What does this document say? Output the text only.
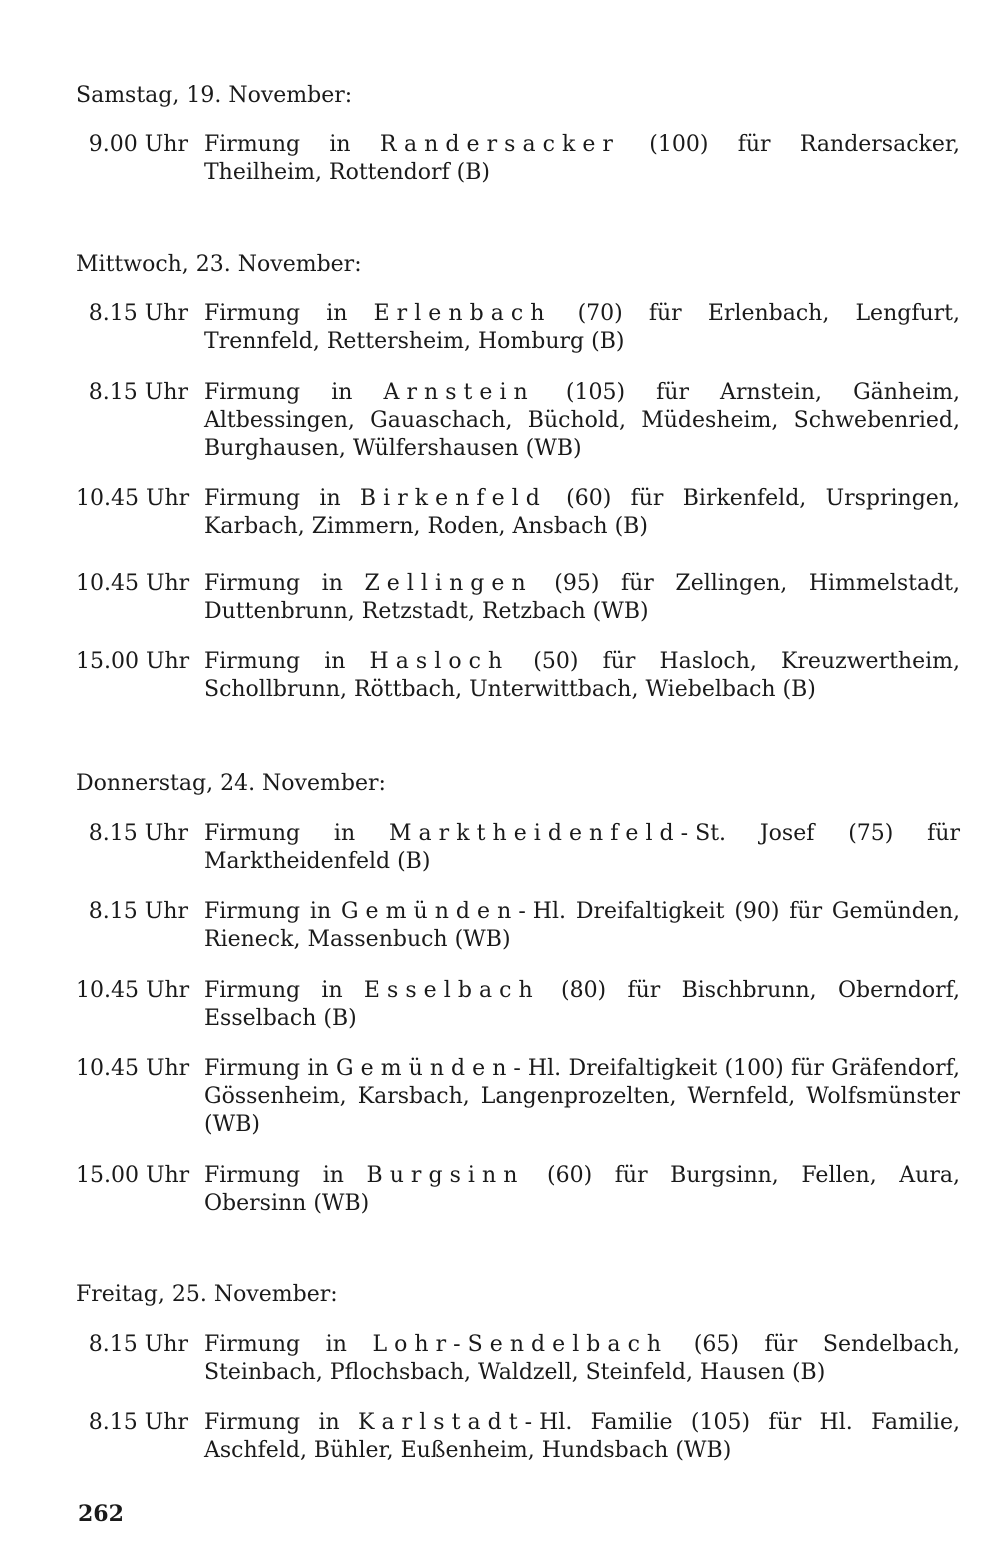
Samstag, 19. November:
9.00 Uhr Firmung in Randersacker (100) für Randersacker, Theilheim, Rottendorf (B)
Mittwoch, 23. November:
8.15 Uhr Firmung in Erlenbach (70) für Erlenbach, Lengfurt, Trennfeld, Rettersheim, Homburg (B)
8.15 Uhr Firmung in Arnstein (105) für Arnstein, Gänheim, Altbessingen, Gauaschach, Büchold, Müdesheim, Schwebenried, Burghausen, Wülfershausen (WB)
10.45 Uhr Firmung in Birkenfeld (60) für Birkenfeld, Urspringen, Karbach, Zimmern, Roden, Ansbach (B)
10.45 Uhr Firmung in Zellingen (95) für Zellingen, Himmelstadt, Duttenbrunn, Retzstadt, Retzbach (WB)
15.00 Uhr Firmung in Hasloch (50) für Hasloch, Kreuzwertheim, Schollbrunn, Röttbach, Unterwittbach, Wiebelbach (B)
Donnerstag, 24. November:
8.15 Uhr Firmung in Marktheidenfeld-St. Josef (75) für Marktheidenfeld (B)
8.15 Uhr Firmung in Gemünden-Hl. Dreifaltigkeit (90) für Gemünden, Rieneck, Massenbuch (WB)
10.45 Uhr Firmung in Esselbach (80) für Bischbrunn, Oberndorf, Esselbach (B)
10.45 Uhr Firmung in Gemünden-Hl. Dreifaltigkeit (100) für Gräfendorf, Gössenheim, Karsbach, Langenprozelten, Wernfeld, Wolfsmünster (WB)
15.00 Uhr Firmung in Burgsinn (60) für Burgsinn, Fellen, Aura, Obersinn (WB)
Freitag, 25. November:
8.15 Uhr Firmung in Lohr-Sendelbach (65) für Sendelbach, Steinbach, Pflochsbach, Waldzell, Steinfeld, Hausen (B)
8.15 Uhr Firmung in Karlstadt-Hl. Familie (105) für Hl. Familie, Aschfeld, Bühler, Eußenheim, Hundsbach (WB)
262
